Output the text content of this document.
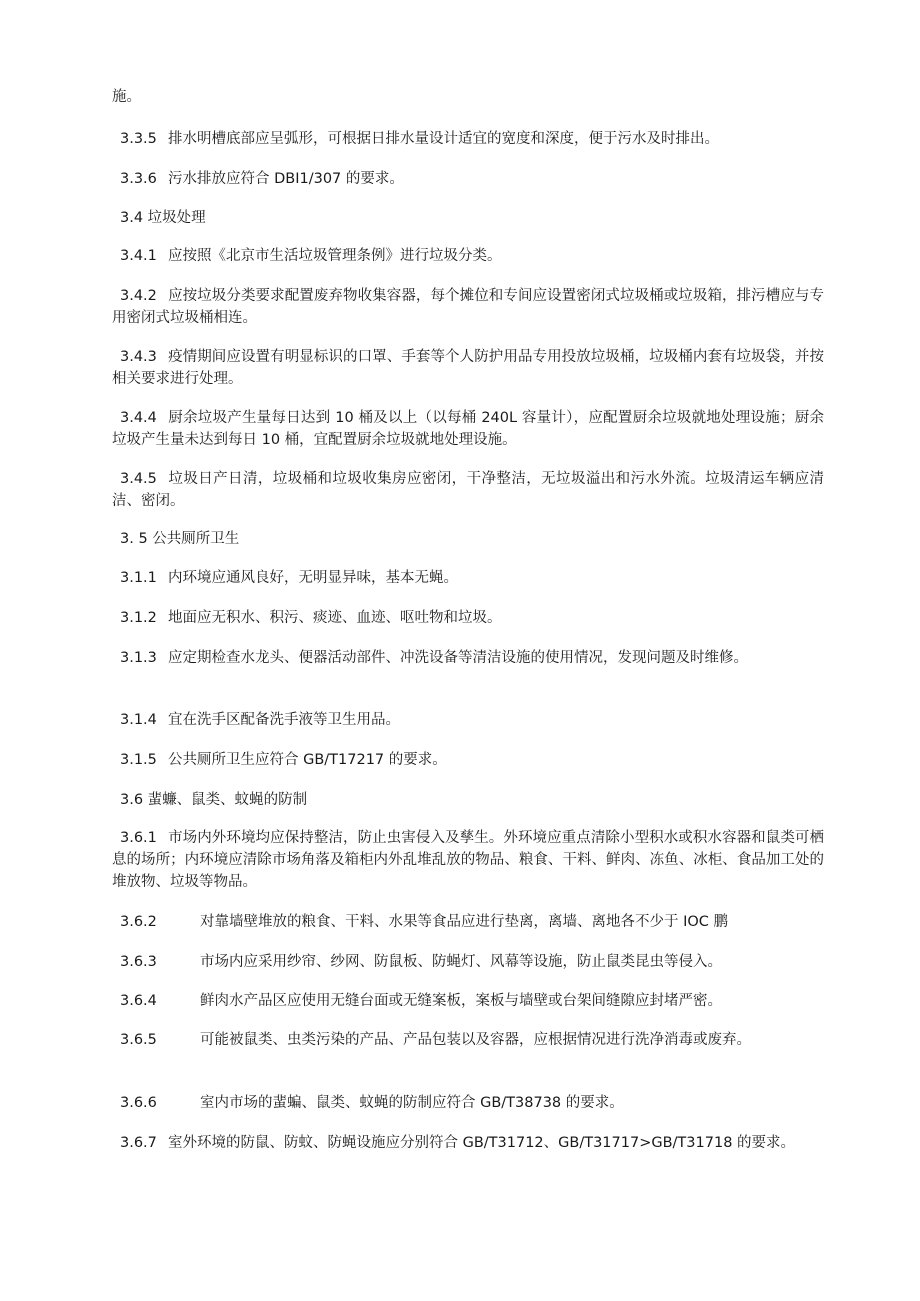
施。
3.3.5 排水明槽底部应呈弧形，可根据日排水量设计适宜的宽度和深度，便于污水及时排出。
3.3.6 污水排放应符合 DBI1/307 的要求。
3.4 垃圾处理
3.4.1 应按照《北京市生活垃圾管理条例》进行垃圾分类。
3.4.2 应按垃圾分类要求配置废弃物收集容器，每个摊位和专间应设置密闭式垃圾桶或垃圾箱，排污槽应与专用密闭式垃圾桶相连。
3.4.3 疫情期间应设置有明显标识的口罩、手套等个人防护用品专用投放垃圾桶，垃圾桶内套有垃圾袋，并按相关要求进行处理。
3.4.4 厨余垃圾产生量每日达到 10 桶及以上（以每桶 240L 容量计），应配置厨余垃圾就地处理设施；厨余垃圾产生量未达到每日 10 桶，宜配置厨余垃圾就地处理设施。
3.4.5 垃圾日产日清，垃圾桶和垃圾收集房应密闭，干净整洁，无垃圾溢出和污水外流。垃圾清运车辆应清洁、密闭。
3. 5 公共厕所卫生
3.1.1 内环境应通风良好，无明显异味，基本无蝇。
3.1.2 地面应无积水、积污、痰迹、血迹、呕吐物和垃圾。
3.1.3 应定期检查水龙头、便器活动部件、冲洗设备等清洁设施的使用情况，发现问题及时维修。
3.1.4 宜在洗手区配备洗手液等卫生用品。
3.1.5 公共厕所卫生应符合 GB/T17217 的要求。
3.6 蜚蠊、鼠类、蚊蝇的防制
3.6.1 市场内外环境均应保持整洁，防止虫害侵入及孳生。外环境应重点清除小型积水或积水容器和鼠类可栖息的场所；内环境应清除市场角落及箱柜内外乱堆乱放的物品、粮食、干料、鲜肉、冻鱼、冰柜、食品加工处的堆放物、垃圾等物品。
3.6.2	对靠墙壁堆放的粮食、干料、水果等食品应进行垫离，离墙、离地各不少于 IOC 鹏
3.6.3	市场内应采用纱帘、纱网、防鼠板、防蝇灯、风幕等设施，防止鼠类昆虫等侵入。
3.6.4	鲜肉水产品区应使用无缝台面或无缝案板，案板与墙壁或台架间缝隙应封堵严密。
3.6.5	可能被鼠类、虫类污染的产品、产品包装以及容器，应根据情况进行洗净消毒或废弃。
3.6.6	室内市场的蜚蝙、鼠类、蚊蝇的防制应符合 GB/T38738 的要求。
3.6.7 室外环境的防鼠、防蚊、防蝇设施应分别符合 GB/T31712、GB/T31717>GB/T31718 的要求。
